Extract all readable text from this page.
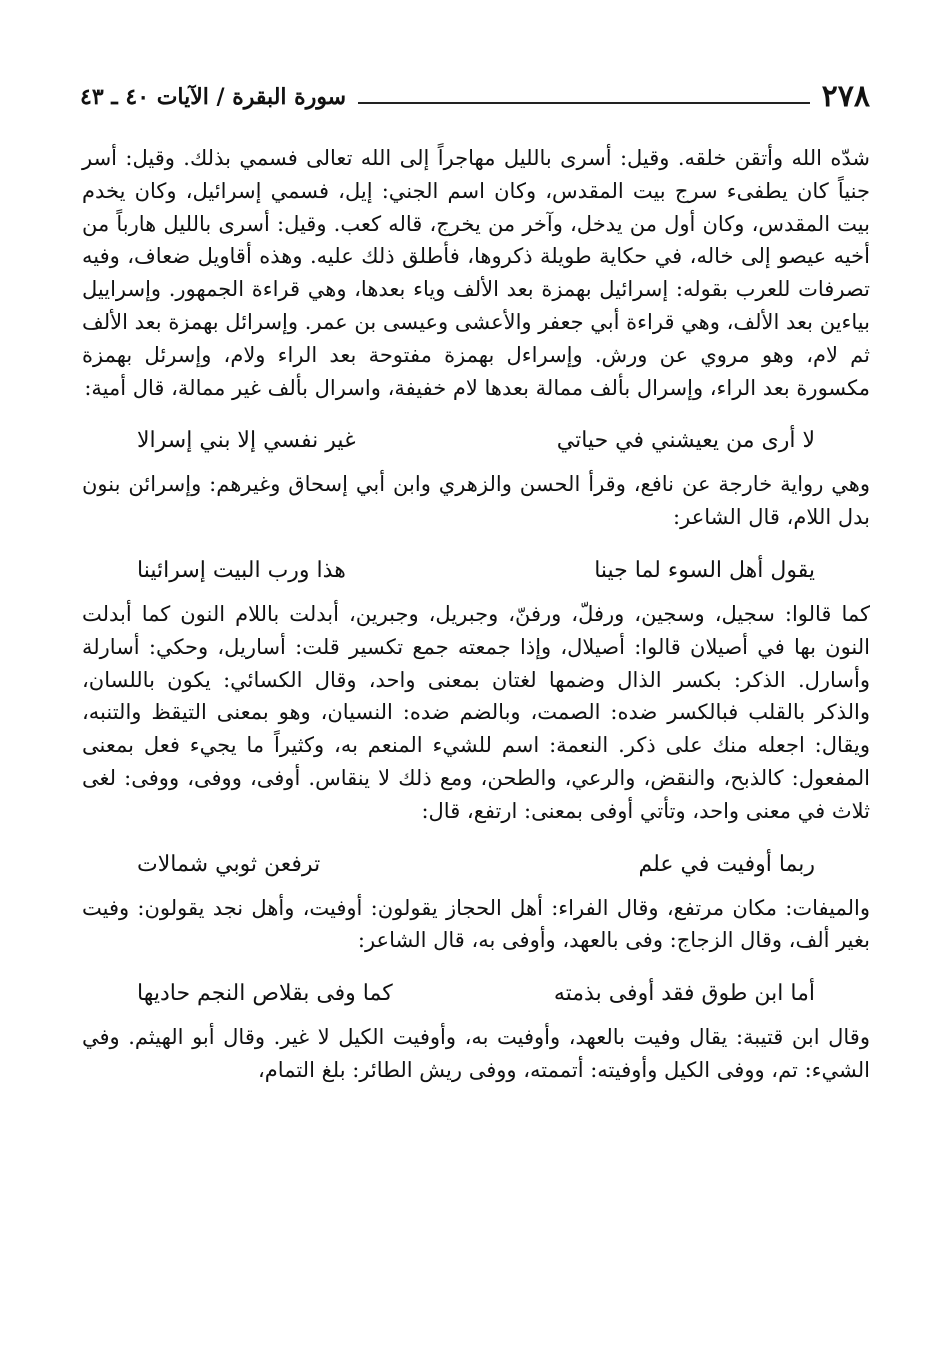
٢٧٨
سورة البقرة / الآيات ٤٠ ـ ٤٣

شدّه الله وأتقن خلقه. وقيل: أسرى بالليل مهاجراً إلى الله تعالى فسمي بذلك. وقيل: أسر جنياً كان يطفىء سرج بيت المقدس، وكان اسم الجني: إيل، فسمي إسرائيل، وكان يخدم بيت المقدس، وكان أول من يدخل، وآخر من يخرج، قاله كعب. وقيل: أسرى بالليل هارباً من أخيه عيصو إلى خاله، في حكاية طويلة ذكروها، فأطلق ذلك عليه. وهذه أقاويل ضعاف، وفيه تصرفات للعرب بقوله: إسرائيل بهمزة بعد الألف وياء بعدها، وهي قراءة الجمهور. وإسراييل بياءين بعد الألف، وهي قراءة أبي جعفر والأعشى وعيسى بن عمر. وإسرائل بهمزة بعد الألف ثم لام، وهو مروي عن ورش. وإسراءل بهمزة مفتوحة بعد الراء ولام، وإسرئل بهمزة مكسورة بعد الراء، وإسرال بألف ممالة بعدها لام خفيفة، واسرال بألف غير ممالة، قال أمية:

لا أرى من يعيشني في حياتي
غير نفسي إلا بني إسرالا

وهي رواية خارجة عن نافع، وقرأ الحسن والزهري وابن أبي إسحاق وغيرهم: وإسرائن بنون بدل اللام، قال الشاعر:

يقول أهل السوء لما جينا
هذا ورب البيت إسرائينا

كما قالوا: سجيل، وسجين، ورفلّ، ورفنّ، وجبريل، وجبرين، أبدلت باللام النون كما أبدلت النون بها في أصيلان قالوا: أصيلال، وإذا جمعته جمع تكسير قلت: أساريل، وحكي: أسارلة وأسارل. الذكر: بكسر الذال وضمها لغتان بمعنى واحد، وقال الكسائي: يكون باللسان، والذكر بالقلب فبالكسر ضده: الصمت، وبالضم ضده: النسيان، وهو بمعنى التيقظ والتنبه، ويقال: اجعله منك على ذكر. النعمة: اسم للشيء المنعم به، وكثيراً ما يجيء فعل بمعنى المفعول: كالذبح، والنقض، والرعي، والطحن، ومع ذلك لا ينقاس. أوفى، ووفى، ووفى: لغى ثلاث في معنى واحد، وتأتي أوفى بمعنى: ارتفع، قال:

ربما أوفيت في علم
ترفعن ثوبي شمالات

والميفات: مكان مرتفع، وقال الفراء: أهل الحجاز يقولون: أوفيت، وأهل نجد يقولون: وفيت بغير ألف، وقال الزجاج: وفى بالعهد، وأوفى به، قال الشاعر:

أما ابن طوق فقد أوفى بذمته
كما وفى بقلاص النجم حاديها

وقال ابن قتيبة: يقال وفيت بالعهد، وأوفيت به، وأوفيت الكيل لا غير. وقال أبو الهيثم. وفي الشيء: تم، ووفى الكيل وأوفيته: أتممته، ووفى ريش الطائر: بلغ التمام،
